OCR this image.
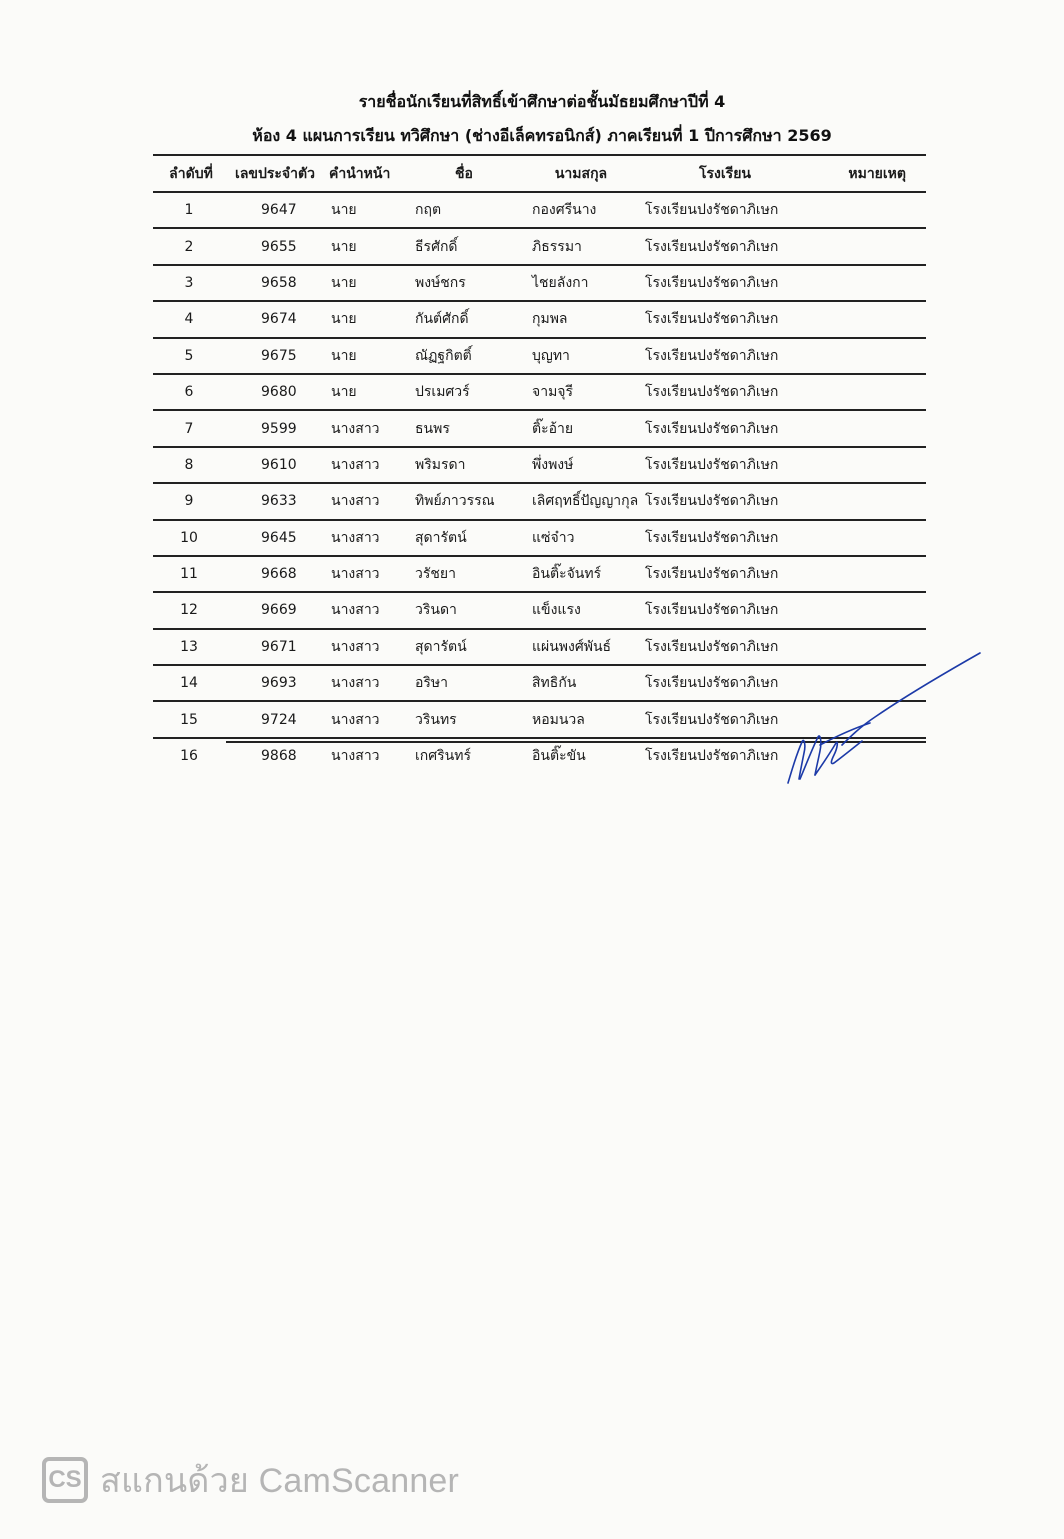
รายชื่อนักเรียนที่สิทธิ์เข้าศึกษาต่อชั้นมัธยมศึกษาปีที่ 4
ห้อง 4 แผนการเรียน ทวิศึกษา (ช่างอีเล็คทรอนิกส์) ภาคเรียนที่ 1 ปีการศึกษา 2569
ลำดับที่	เลขประจำตัว	คำนำหน้า	ชื่อ	นามสกุล	โรงเรียน	หมายเหตุ
1	9647	นาย	กฤต	กองศรีนาง	โรงเรียนปงรัชดาภิเษก	
2	9655	นาย	ธีรศักดิ์	ภิธรรมา	โรงเรียนปงรัชดาภิเษก	
3	9658	นาย	พงษ์ชกร	ไชยลังกา	โรงเรียนปงรัชดาภิเษก	
4	9674	นาย	กันต์ศักดิ์	กุมพล	โรงเรียนปงรัชดาภิเษก	
5	9675	นาย	ณัฏฐกิตติ์	บุญทา	โรงเรียนปงรัชดาภิเษก	
6	9680	นาย	ปรเมศวร์	จามจุรี	โรงเรียนปงรัชดาภิเษก	
7	9599	นางสาว	ธนพร	ติ๊ะอ้าย	โรงเรียนปงรัชดาภิเษก	
8	9610	นางสาว	พริมรดา	พึ่งพงษ์	โรงเรียนปงรัชดาภิเษก	
9	9633	นางสาว	ทิพย์ภาวรรณ	เลิศฤทธิ์ปัญญากุล	โรงเรียนปงรัชดาภิเษก	
10	9645	นางสาว	สุดารัตน์	แซ่จ๋าว	โรงเรียนปงรัชดาภิเษก	
11	9668	นางสาว	วรัชยา	อินติ๊ะจันทร์	โรงเรียนปงรัชดาภิเษก	
12	9669	นางสาว	วรินดา	แข็งแรง	โรงเรียนปงรัชดาภิเษก	
13	9671	นางสาว	สุดารัตน์	แผ่นพงศ์พันธ์	โรงเรียนปงรัชดาภิเษก	
14	9693	นางสาว	อริษา	สิทธิกัน	โรงเรียนปงรัชดาภิเษก	
15	9724	นางสาว	วรินทร	หอมนวล	โรงเรียนปงรัชดาภิเษก	
16	9868	นางสาว	เกศรินทร์	อินติ๊ะขัน	โรงเรียนปงรัชดาภิเษก	
CS สแกนด้วย CamScanner
